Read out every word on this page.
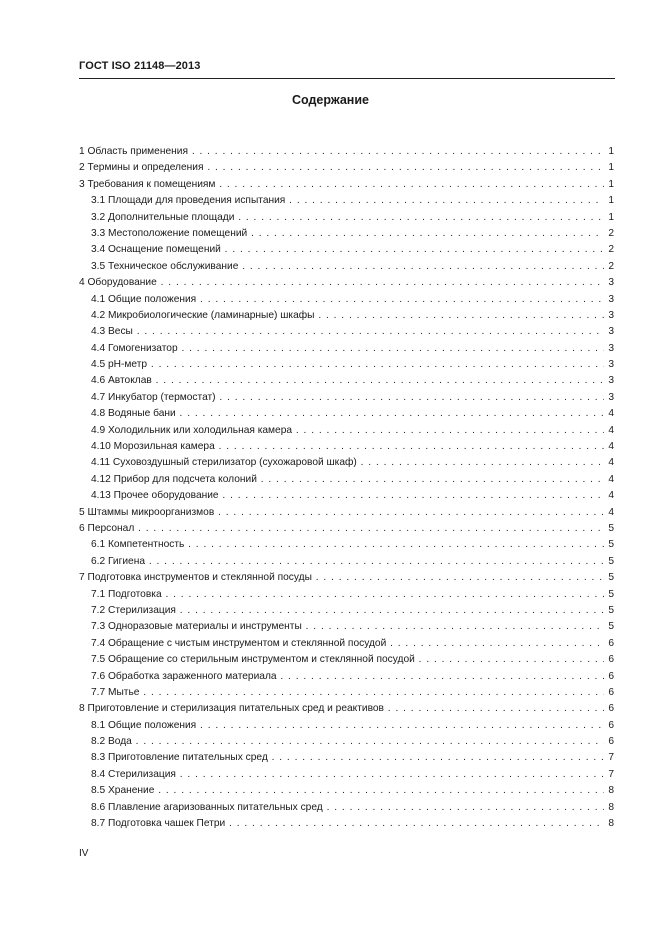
ГОСТ ISO 21148—2013
Содержание
1 Область применения . . .	1
2 Термины и определения . . .	1
3 Требования к помещениям . . .	1
3.1 Площади для проведения испытания . . .	1
3.2 Дополнительные площади . . .	1
3.3 Местоположение помещений . . .	2
3.4 Оснащение помещений . . .	2
3.5 Техническое обслуживание . . .	2
4 Оборудование . . .	3
4.1 Общие положения . . .	3
4.2 Микробиологические (ламинарные) шкафы . . .	3
4.3 Весы . . .	3
4.4 Гомогенизатор . . .	3
4.5 pH-метр . . .	3
4.6 Автоклав . . .	3
4.7 Инкубатор (термостат) . . .	3
4.8 Водяные бани . . .	4
4.9 Холодильник или холодильная камера . . .	4
4.10 Морозильная камера . . .	4
4.11 Суховоздушный стерилизатор (сухожаровой шкаф) . . .	4
4.12 Прибор для подсчета колоний . . .	4
4.13 Прочее оборудование . . .	4
5 Штаммы микроорганизмов . . .	4
6 Персонал . . .	5
6.1 Компетентность . . .	5
6.2 Гигиена . . .	5
7 Подготовка инструментов и стеклянной посуды . . .	5
7.1 Подготовка . . .	5
7.2 Стерилизация . . .	5
7.3 Одноразовые материалы и инструменты . . .	5
7.4 Обращение с чистым инструментом и стеклянной посудой . . .	6
7.5 Обращение со стерильным инструментом и стеклянной посудой . . .	6
7.6 Обработка зараженного материала . . .	6
7.7 Мытье . . .	6
8 Приготовление и стерилизация питательных сред и реактивов . . .	6
8.1 Общие положения . . .	6
8.2 Вода . . .	6
8.3 Приготовление питательных сред . . .	7
8.4 Стерилизация . . .	7
8.5 Хранение . . .	8
8.6 Плавление агаризованных питательных сред . . .	8
8.7 Подготовка чашек Петри . . .	8
IV
